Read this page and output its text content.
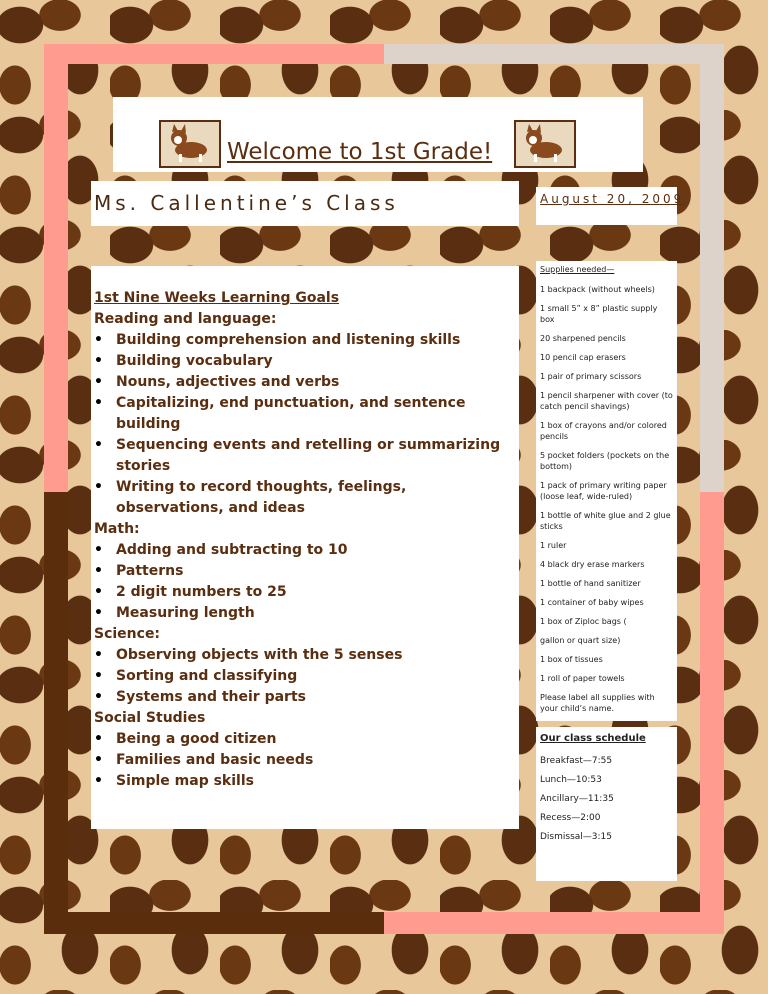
Welcome to 1st Grade!
Ms. Callentine’s Class	August 20, 2009
1st Nine Weeks Learning Goals
Reading and language:
• Building comprehension and listening skills
• Building vocabulary
• Nouns, adjectives and verbs
• Capitalizing, end punctuation, and sentence building
• Sequencing events and retelling or summarizing stories
• Writing to record thoughts, feelings, observations, and ideas
Math:
• Adding and subtracting to 10
• Patterns
• 2 digit numbers to 25
• Measuring length
Science:
• Observing objects with the 5 senses
• Sorting and classifying
• Systems and their parts
Social Studies
• Being a good citizen
• Families and basic needs
• Simple map skills
Supplies needed—
1 backpack (without wheels)
1 small 5” x 8” plastic supply box
20 sharpened pencils
10 pencil cap erasers
1 pair of primary scissors
1 pencil sharpener with cover (to catch pencil shavings)
1 box of crayons and/or colored pencils
5 pocket folders (pockets on the bottom)
1 pack of primary writing paper (loose leaf, wide-ruled)
1 bottle of white glue and 2 glue sticks
1 ruler
4 black dry erase markers
1 bottle of hand sanitizer
1 container of baby wipes
1 box of Ziploc bags (
gallon or quart size)
1 box of tissues
1 roll of paper towels
Please label all supplies with your child’s name.
Our class schedule
Breakfast—7:55
Lunch—10:53
Ancillary—11:35
Recess—2:00
Dismissal—3:15
